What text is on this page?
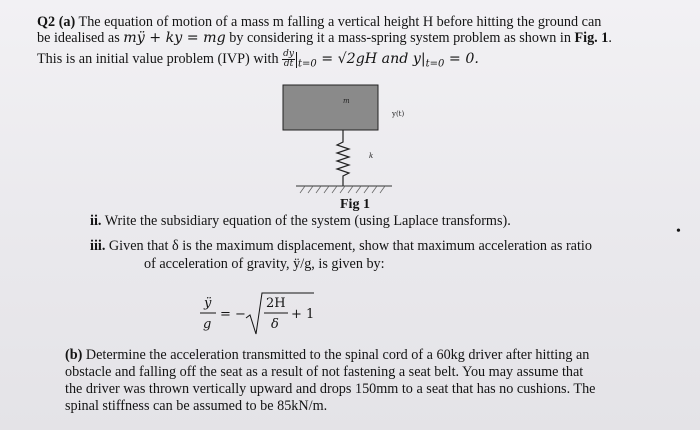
Q2 (a) The equation of motion of a mass m falling a vertical height H before hitting the ground can
be idealised as mÿ + ky = mg by considering it a mass-spring system problem as shown in Fig. 1.
This is an initial value problem (IVP) with $\frac{dy}{dt} _{t=0} = √2gH$ and $y|_{t=0} = 0$.
m
y(t)
k
Fig 1
ii. Write the subsidiary equation of the system (using Laplace transforms).
iii. Given that δ is the maximum displacement, show that maximum acceleration as ratio
of acceleration of gravity, ÿ/g, is given by:
ÿ
g
= −
2H
δ
+ 1
(b) Determine the acceleration transmitted to the spinal cord of a 60kg driver after hitting an
obstacle and falling off the seat as a result of not fastening a seat belt. You may assume that
the driver was thrown vertically upward and drops 150mm to a seat that has no cushions. The
spinal stiffness can be assumed to be 85kN/m.
•
